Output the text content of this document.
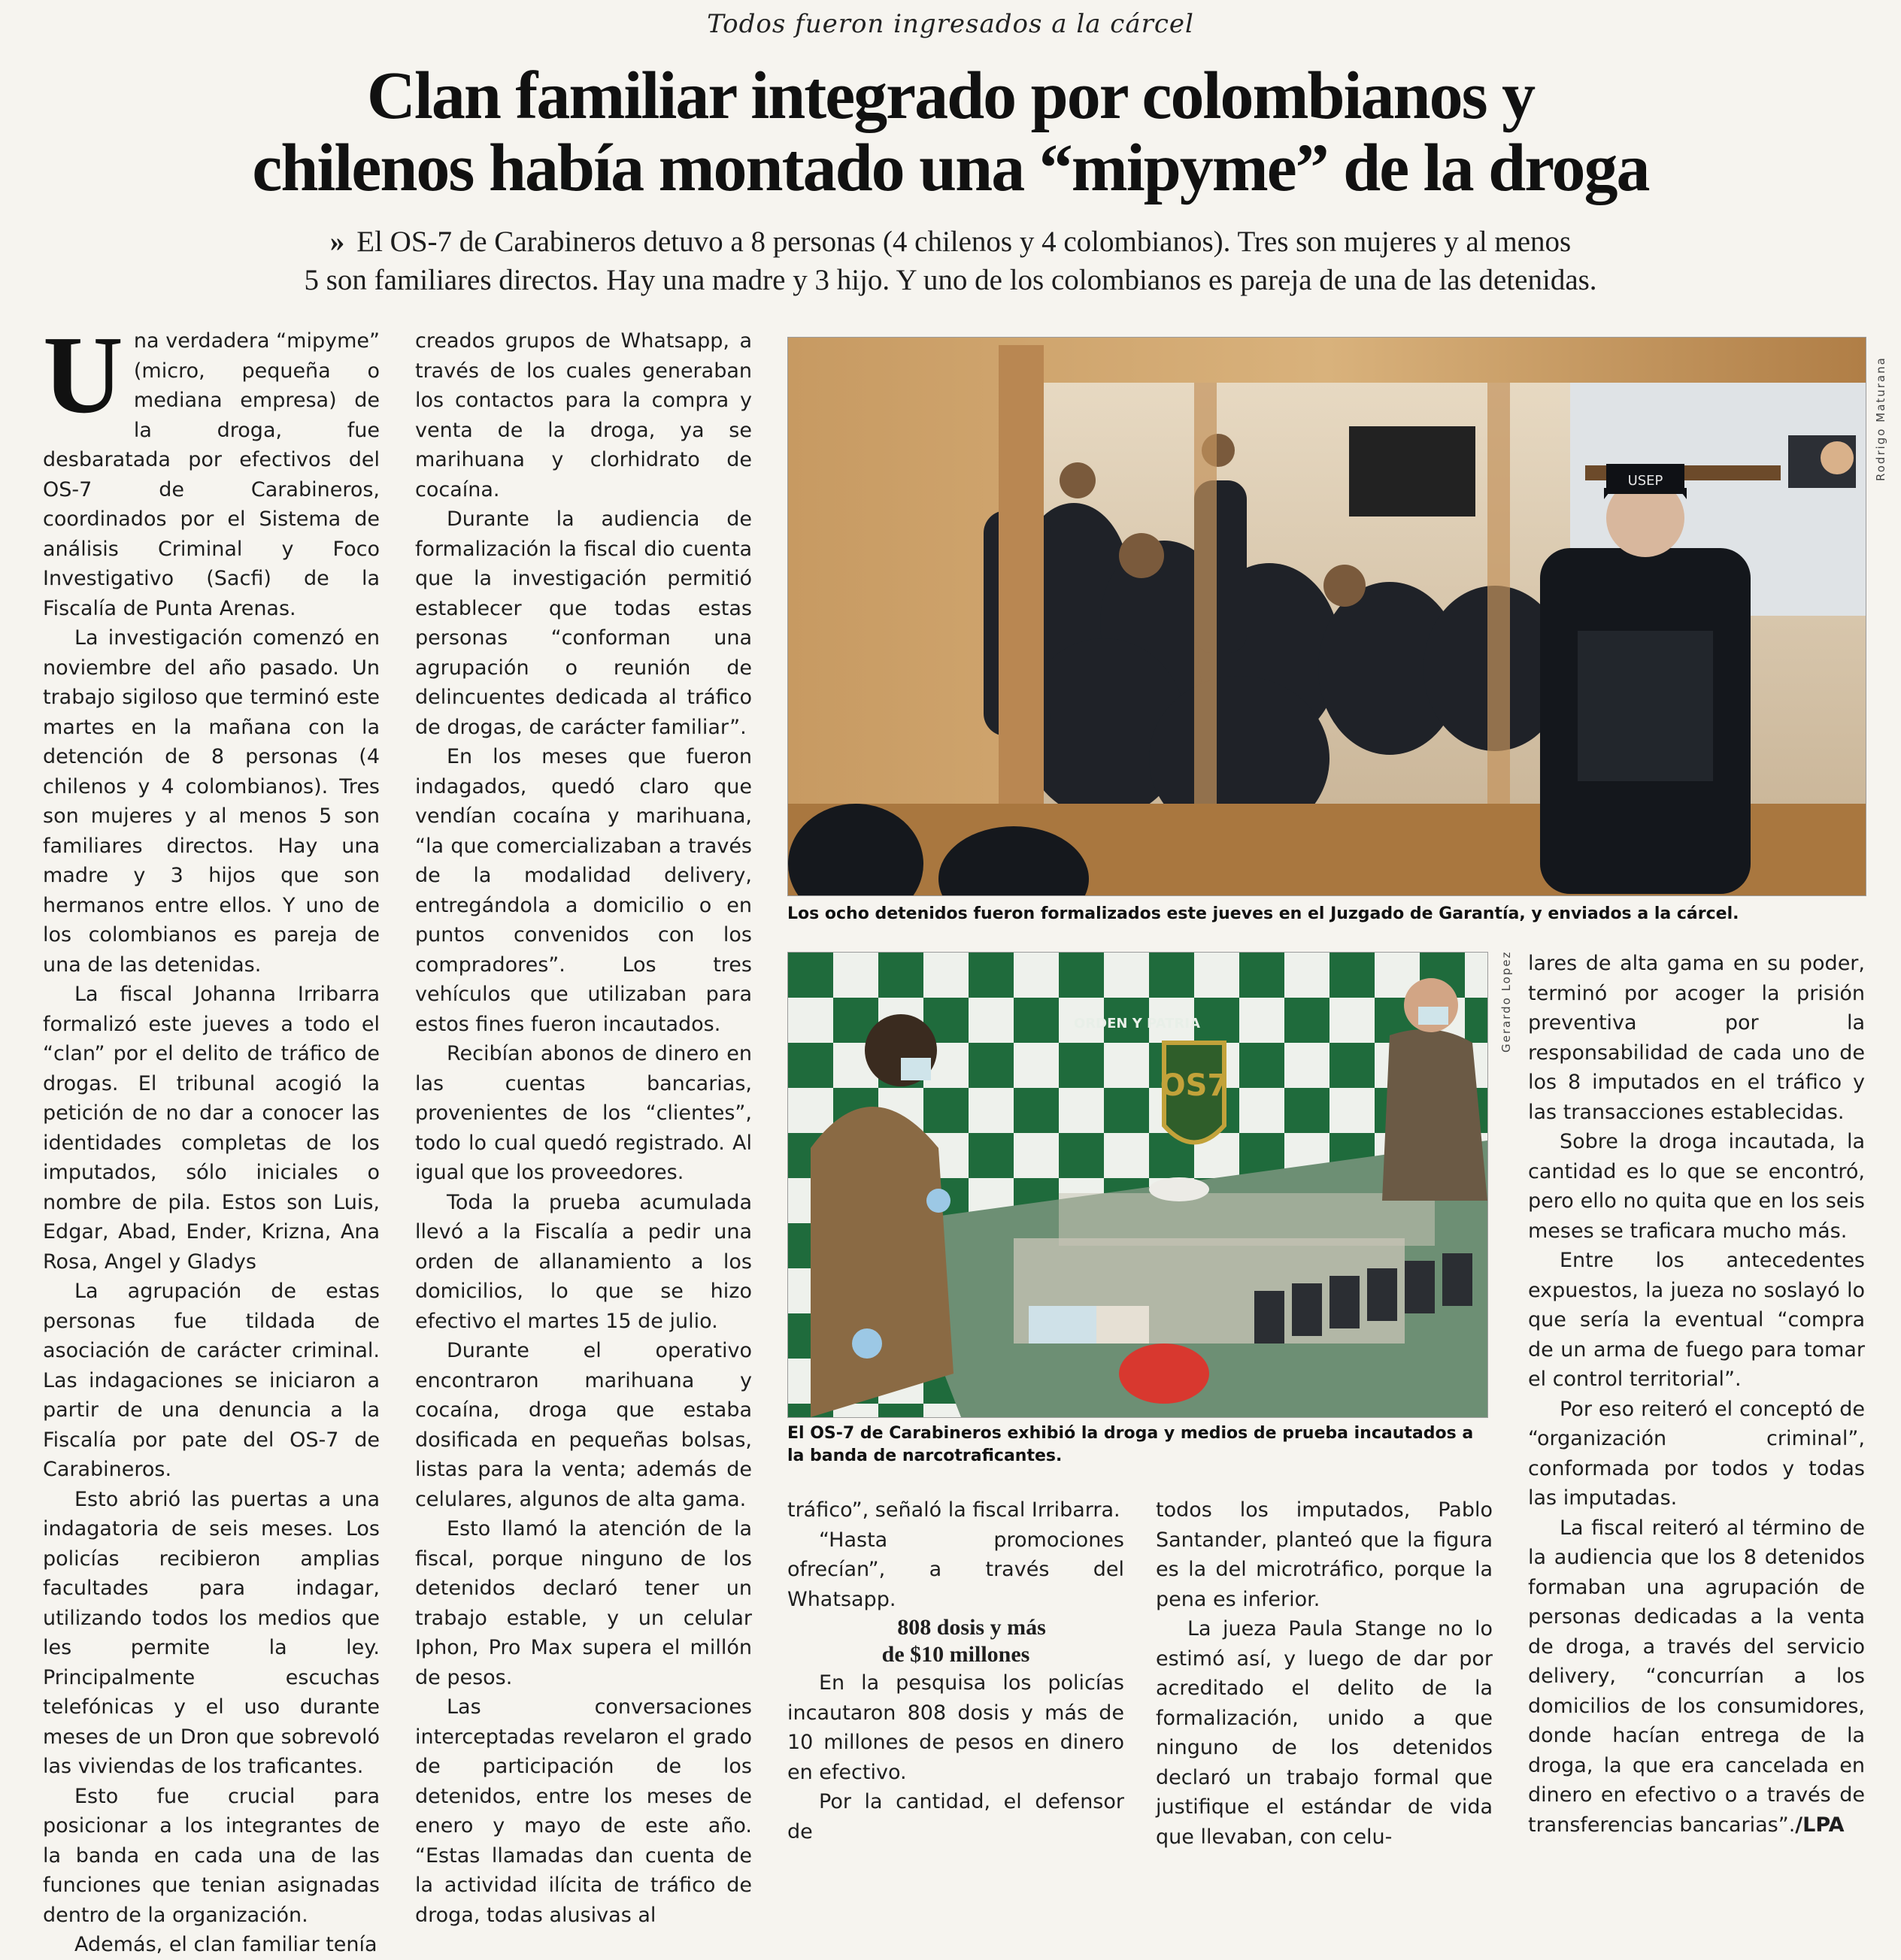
Todos fueron ingresados a la cárcel
Clan familiar integrado por colombianos y
chilenos había montado una “mipyme” de la droga
» El OS-7 de Carabineros detuvo a 8 personas (4 chilenos y 4 colombianos). Tres son mujeres y al menos
5 son familiares directos. Hay una madre y 3 hijo. Y uno de los colombianos es pareja de una de las detenidas.

Una verdadera “mipyme” (micro, pequeña o mediana empresa) de la droga, fue desbaratada por efectivos del OS-7 de Carabineros, coordinados por el Sistema de análisis Criminal y Foco Investigativo (Sacfi) de la Fiscalía de Punta Arenas.

La investigación comenzó en noviembre del año pasado. Un trabajo sigiloso que terminó este martes en la mañana con la detención de 8 personas (4 chilenos y 4 colombianos). Tres son mujeres y al menos 5 son familiares directos. Hay una madre y 3 hijos que son hermanos entre ellos. Y uno de los colombianos es pareja de una de las detenidas.

La fiscal Johanna Irribarra formalizó este jueves a todo el “clan” por el delito de tráfico de drogas. El tribunal acogió la petición de no dar a conocer las identidades completas de los imputados, sólo iniciales o nombre de pila. Estos son Luis, Edgar, Abad, Ender, Krizna, Ana Rosa, Angel y Gladys

La agrupación de estas personas fue tildada de asociación de carácter criminal. Las indagaciones se iniciaron a partir de una denuncia a la Fiscalía por pate del OS-7 de Carabineros.

Esto abrió las puertas a una indagatoria de seis meses. Los policías recibieron amplias facultades para indagar, utilizando todos los medios que les permite la ley. Principalmente escuchas telefónicas y el uso durante meses de un Dron que sobrevoló las viviendas de los traficantes.

Esto fue crucial para posicionar a los integrantes de la banda en cada una de las funciones que tenian asignadas dentro de la organización.

Además, el clan familiar tenía

creados grupos de Whatsapp, a través de los cuales generaban los contactos para la compra y venta de la droga, ya se marihuana y clorhidrato de cocaína.

Durante la audiencia de formalización la fiscal dio cuenta que la investigación permitió establecer que todas estas personas “conforman una agrupación o reunión de delincuentes dedicada al tráfico de drogas, de carácter familiar”.

En los meses que fueron indagados, quedó claro que vendían cocaína y marihuana, “la que comercializaban a través de la modalidad delivery, entregándola a domicilio o en puntos convenidos con los compradores”. Los tres vehículos que utilizaban para estos fines fueron incautados.

Recibían abonos de dinero en las cuentas bancarias, provenientes de los “clientes”, todo lo cual quedó registrado. Al igual que los proveedores.

Toda la prueba acumulada llevó a la Fiscalía a pedir una orden de allanamiento a los domicilios, lo que se hizo efectivo el martes 15 de julio.

Durante el operativo encontraron marihuana y cocaína, droga que estaba dosificada en pequeñas bolsas, listas para la venta; además de celulares, algunos de alta gama.

Esto llamó la atención de la fiscal, porque ninguno de los detenidos declaró tener un trabajo estable, y un celular Iphon, Pro Max supera el millón de pesos.

Las conversaciones interceptadas revelaron el grado de participación de los detenidos, entre los meses de enero y mayo de este año. “Estas llamadas dan cuenta de la actividad ilícita de tráfico de droga, todas alusivas al

USEP	Rodrigo Maturana
Los ocho detenidos fueron formalizados este jueves en el Juzgado de Garantía, y enviados a la cárcel.
ORDEN Y PATRIA
OS7
Gerardo Lopez
El OS-7 de Carabineros exhibió la droga y medios de prueba incautados a la banda de narcotraficantes.

tráfico”, señaló la fiscal Irribarra.

“Hasta promociones ofrecían”, a través del Whatsapp.

808 dosis y más
de $10 millones

En la pesquisa los policías incautaron 808 dosis y más de 10 millones de pesos en dinero en efectivo.

Por la cantidad, el defensor de

todos los imputados, Pablo Santander, planteó que la figura es la del microtráfico, porque la pena es inferior.

La jueza Paula Stange no lo estimó así, y luego de dar por acreditado el delito de la formalización, unido a que ninguno de los detenidos declaró un trabajo formal que justifique el estándar de vida que llevaban, con celu-

lares de alta gama en su poder, terminó por acoger la prisión preventiva por la responsabilidad de cada uno de los 8 imputados en el tráfico y las transacciones establecidas.

Sobre la droga incautada, la cantidad es lo que se encontró, pero ello no quita que en los seis meses se traficara mucho más.

Entre los antecedentes expuestos, la jueza no soslayó lo que sería la eventual “compra de un arma de fuego para tomar el control territorial”.

Por eso reiteró el conceptó de “organización criminal”, conformada por todos y todas las imputadas.

La fiscal reiteró al término de la audiencia que los 8 detenidos formaban una agrupación de personas dedicadas a la venta de droga, a través del servicio delivery, “concurrían a los domicilios de los consumidores, donde hacían entrega de la droga, la que era cancelada en dinero en efectivo o a través de transferencias bancarias”./LPA
